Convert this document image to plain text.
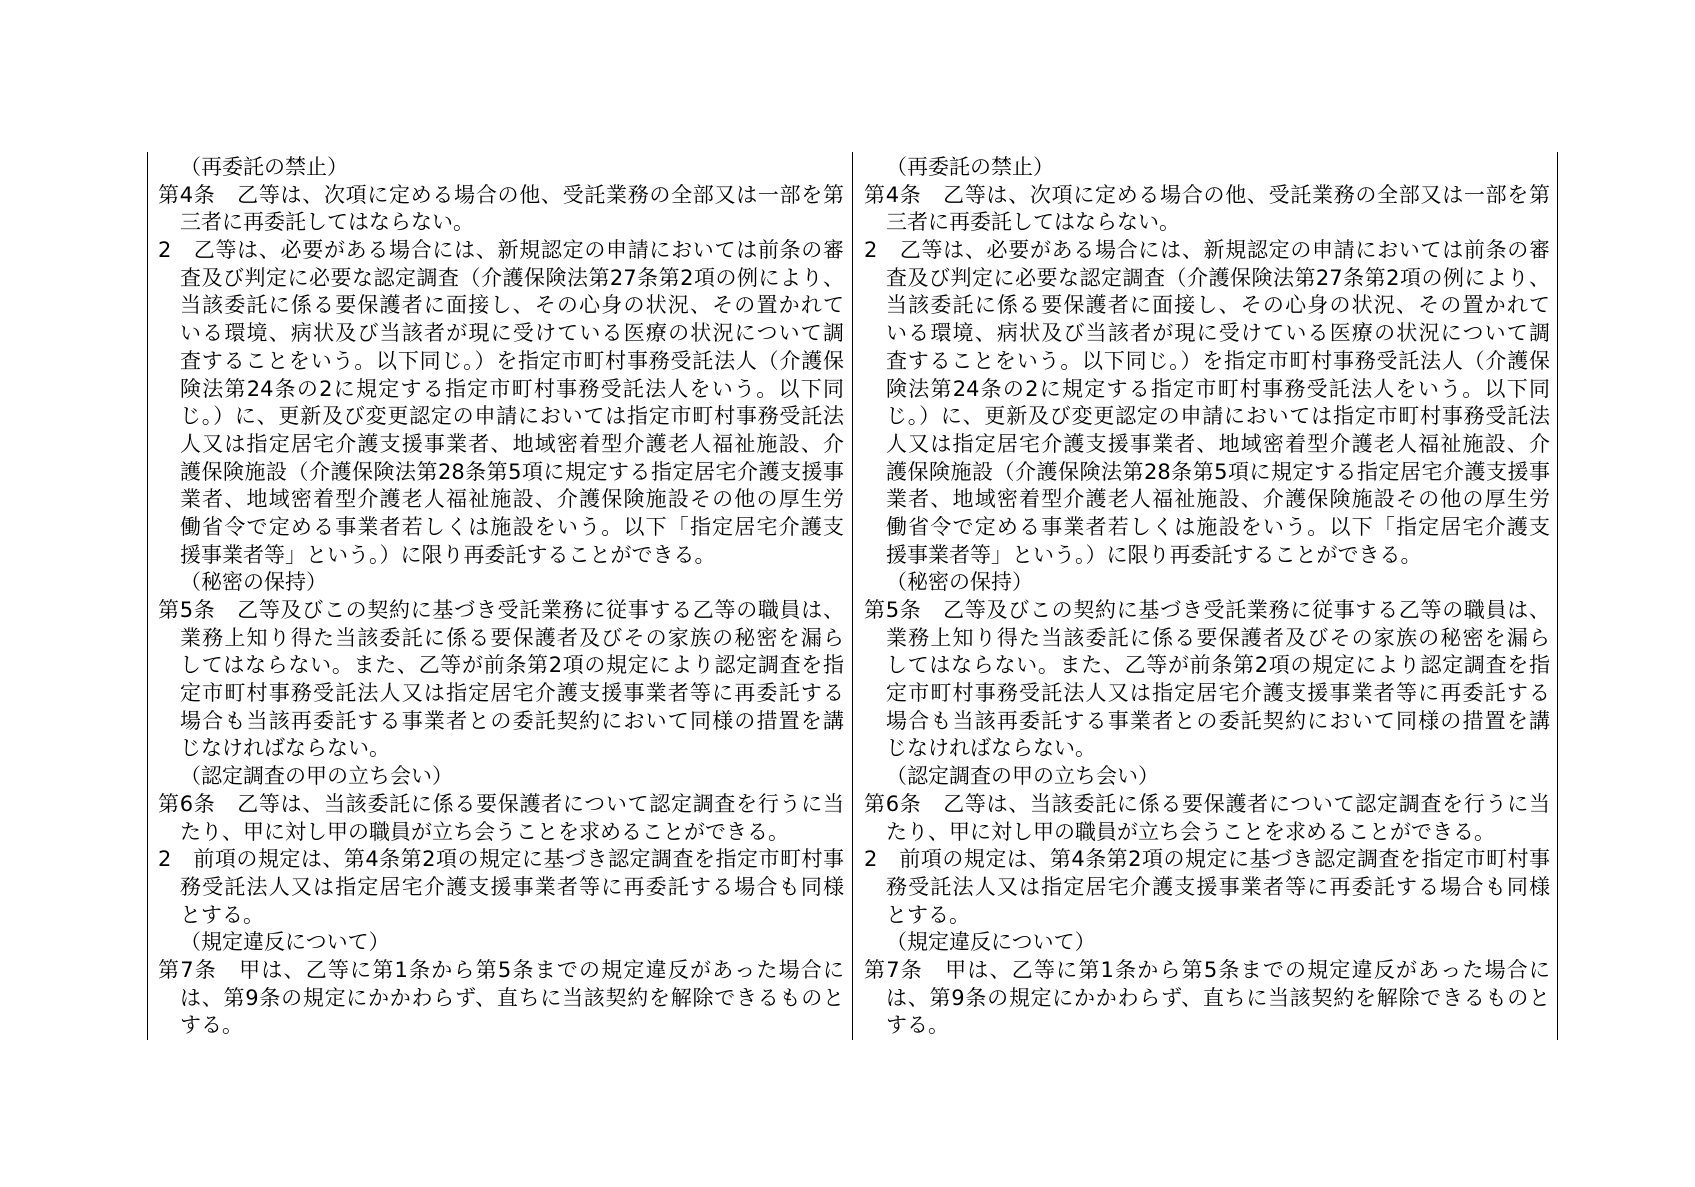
（再委託の禁止）
第4条　乙等は、次項に定める場合の他、受託業務の全部又は一部を第
三者に再委託してはならない。
2　乙等は、必要がある場合には、新規認定の申請においては前条の審
査及び判定に必要な認定調査（介護保険法第27条第2項の例により、
当該委託に係る要保護者に面接し、その心身の状況、その置かれて
いる環境、病状及び当該者が現に受けている医療の状況について調
査することをいう。以下同じ。）を指定市町村事務受託法人（介護保
険法第24条の2に規定する指定市町村事務受託法人をいう。以下同
じ。）に、更新及び変更認定の申請においては指定市町村事務受託法
人又は指定居宅介護支援事業者、地域密着型介護老人福祉施設、介
護保険施設（介護保険法第28条第5項に規定する指定居宅介護支援事
業者、地域密着型介護老人福祉施設、介護保険施設その他の厚生労
働省令で定める事業者若しくは施設をいう。以下「指定居宅介護支
援事業者等」という。）に限り再委託することができる。
（秘密の保持）
第5条　乙等及びこの契約に基づき受託業務に従事する乙等の職員は、
業務上知り得た当該委託に係る要保護者及びその家族の秘密を漏ら
してはならない。また、乙等が前条第2項の規定により認定調査を指
定市町村事務受託法人又は指定居宅介護支援事業者等に再委託する
場合も当該再委託する事業者との委託契約において同様の措置を講
じなければならない。
（認定調査の甲の立ち会い）
第6条　乙等は、当該委託に係る要保護者について認定調査を行うに当
たり、甲に対し甲の職員が立ち会うことを求めることができる。
2　前項の規定は、第4条第2項の規定に基づき認定調査を指定市町村事
務受託法人又は指定居宅介護支援事業者等に再委託する場合も同様
とする。
（規定違反について）
第7条　甲は、乙等に第1条から第5条までの規定違反があった場合に
は、第9条の規定にかかわらず、直ちに当該契約を解除できるものと
する。
（再委託の禁止）
第4条　乙等は、次項に定める場合の他、受託業務の全部又は一部を第
三者に再委託してはならない。
2　乙等は、必要がある場合には、新規認定の申請においては前条の審
査及び判定に必要な認定調査（介護保険法第27条第2項の例により、
当該委託に係る要保護者に面接し、その心身の状況、その置かれて
いる環境、病状及び当該者が現に受けている医療の状況について調
査することをいう。以下同じ。）を指定市町村事務受託法人（介護保
険法第24条の2に規定する指定市町村事務受託法人をいう。以下同
じ。）に、更新及び変更認定の申請においては指定市町村事務受託法
人又は指定居宅介護支援事業者、地域密着型介護老人福祉施設、介
護保険施設（介護保険法第28条第5項に規定する指定居宅介護支援事
業者、地域密着型介護老人福祉施設、介護保険施設その他の厚生労
働省令で定める事業者若しくは施設をいう。以下「指定居宅介護支
援事業者等」という。）に限り再委託することができる。
（秘密の保持）
第5条　乙等及びこの契約に基づき受託業務に従事する乙等の職員は、
業務上知り得た当該委託に係る要保護者及びその家族の秘密を漏ら
してはならない。また、乙等が前条第2項の規定により認定調査を指
定市町村事務受託法人又は指定居宅介護支援事業者等に再委託する
場合も当該再委託する事業者との委託契約において同様の措置を講
じなければならない。
（認定調査の甲の立ち会い）
第6条　乙等は、当該委託に係る要保護者について認定調査を行うに当
たり、甲に対し甲の職員が立ち会うことを求めることができる。
2　前項の規定は、第4条第2項の規定に基づき認定調査を指定市町村事
務受託法人又は指定居宅介護支援事業者等に再委託する場合も同様
とする。
（規定違反について）
第7条　甲は、乙等に第1条から第5条までの規定違反があった場合に
は、第9条の規定にかかわらず、直ちに当該契約を解除できるものと
する。
